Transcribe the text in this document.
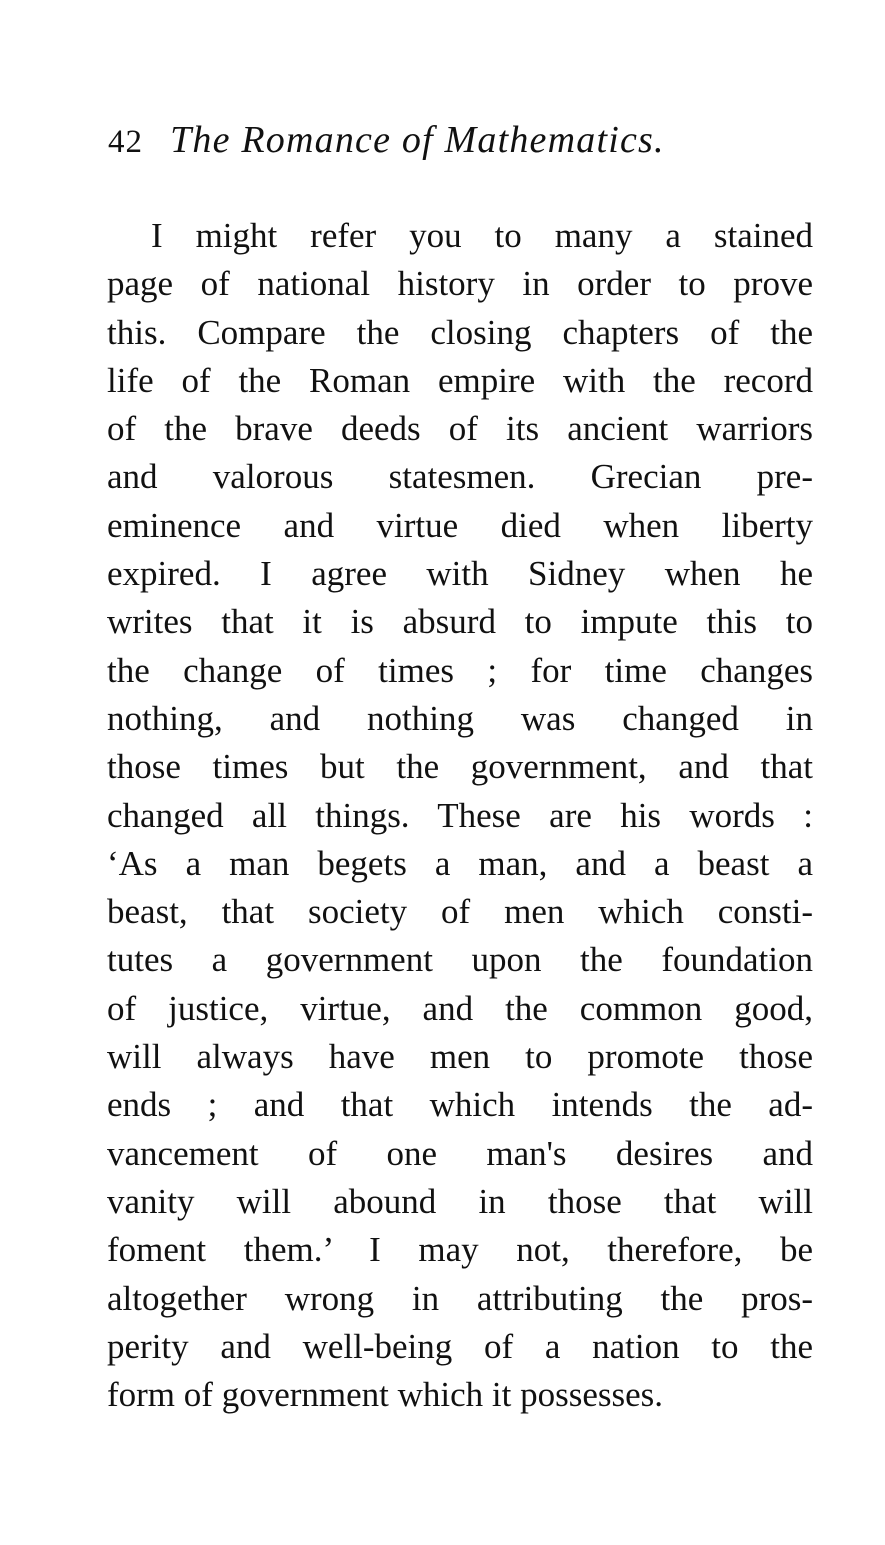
42 The Romance of Mathematics.
I might refer you to many a stained
page of national history in order to prove
this. Compare the closing chapters of the
life of the Roman empire with the record
of the brave deeds of its ancient warriors
and valorous statesmen. Grecian pre-
eminence and virtue died when liberty
expired. I agree with Sidney when he
writes that it is absurd to impute this to
the change of times ; for time changes
nothing, and nothing was changed in
those times but the government, and that
changed all things. These are his words :
‘As a man begets a man, and a beast a
beast, that society of men which consti-
tutes a government upon the foundation
of justice, virtue, and the common good,
will always have men to promote those
ends ; and that which intends the ad-
vancement of one man's desires and
vanity will abound in those that will
foment them.’ I may not, therefore, be
altogether wrong in attributing the pros-
perity and well-being of a nation to the
form of government which it possesses.
